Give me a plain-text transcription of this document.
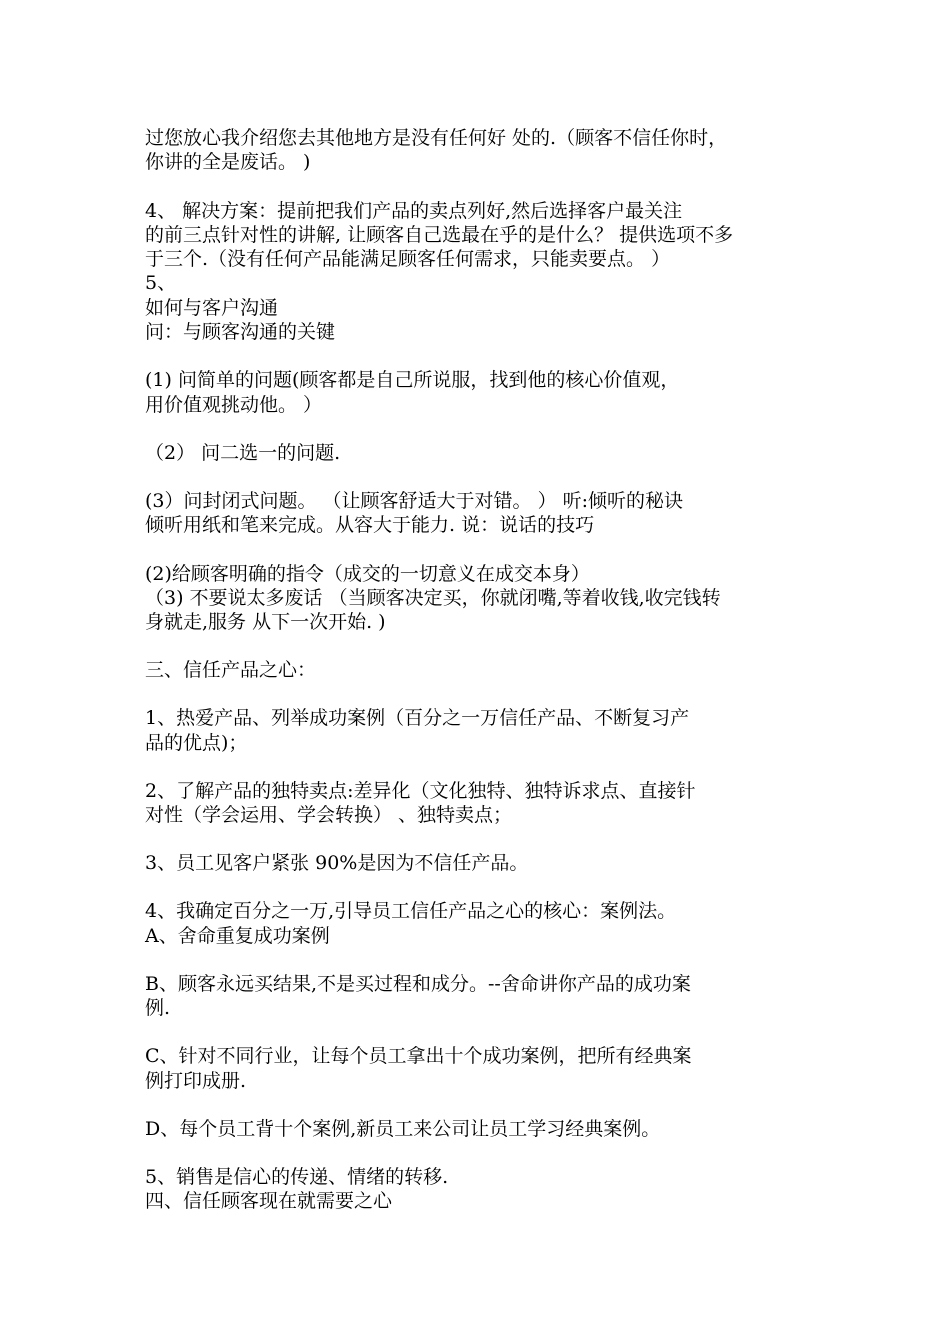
过您放心我介绍您去其他地方是没有任何好 处的.（顾客不信任你时，
你讲的全是废话。 )
4、 解决方案：提前把我们产品的卖点列好,然后选择客户最关注
的前三点针对性的讲解, 让顾客自己选最在乎的是什么？ 提供选项不多
于三个.（没有任何产品能满足顾客任何需求，只能卖要点。 ）
5、
如何与客户沟通
问：与顾客沟通的关键
(1) 问简单的问题(顾客都是自己所说服，找到他的核心价值观，
用价值观挑动他。 ）
（2） 问二选一的问题.
(3）问封闭式问题。 （让顾客舒适大于对错。 ） 听:倾听的秘诀
倾听用纸和笔来完成。从容大于能力. 说：说话的技巧
(2)给顾客明确的指令（成交的一切意义在成交本身）
（3) 不要说太多废话 （当顾客决定买，你就闭嘴,等着收钱,收完钱转
身就走,服务 从下一次开始. )
三、信任产品之心：
1、热爱产品、列举成功案例（百分之一万信任产品、不断复习产
品的优点)；
2、了解产品的独特卖点:差异化（文化独特、独特诉求点、直接针
对性（学会运用、学会转换） 、独特卖点；
3、员工见客户紧张 90%是因为不信任产品。
4、我确定百分之一万,引导员工信任产品之心的核心：案例法。
A、舍命重复成功案例
B、顾客永远买结果,不是买过程和成分。--舍命讲你产品的成功案
例.
C、针对不同行业，让每个员工拿出十个成功案例，把所有经典案
例打印成册.
D、每个员工背十个案例,新员工来公司让员工学习经典案例。
5、销售是信心的传递、情绪的转移.
四、信任顾客现在就需要之心
